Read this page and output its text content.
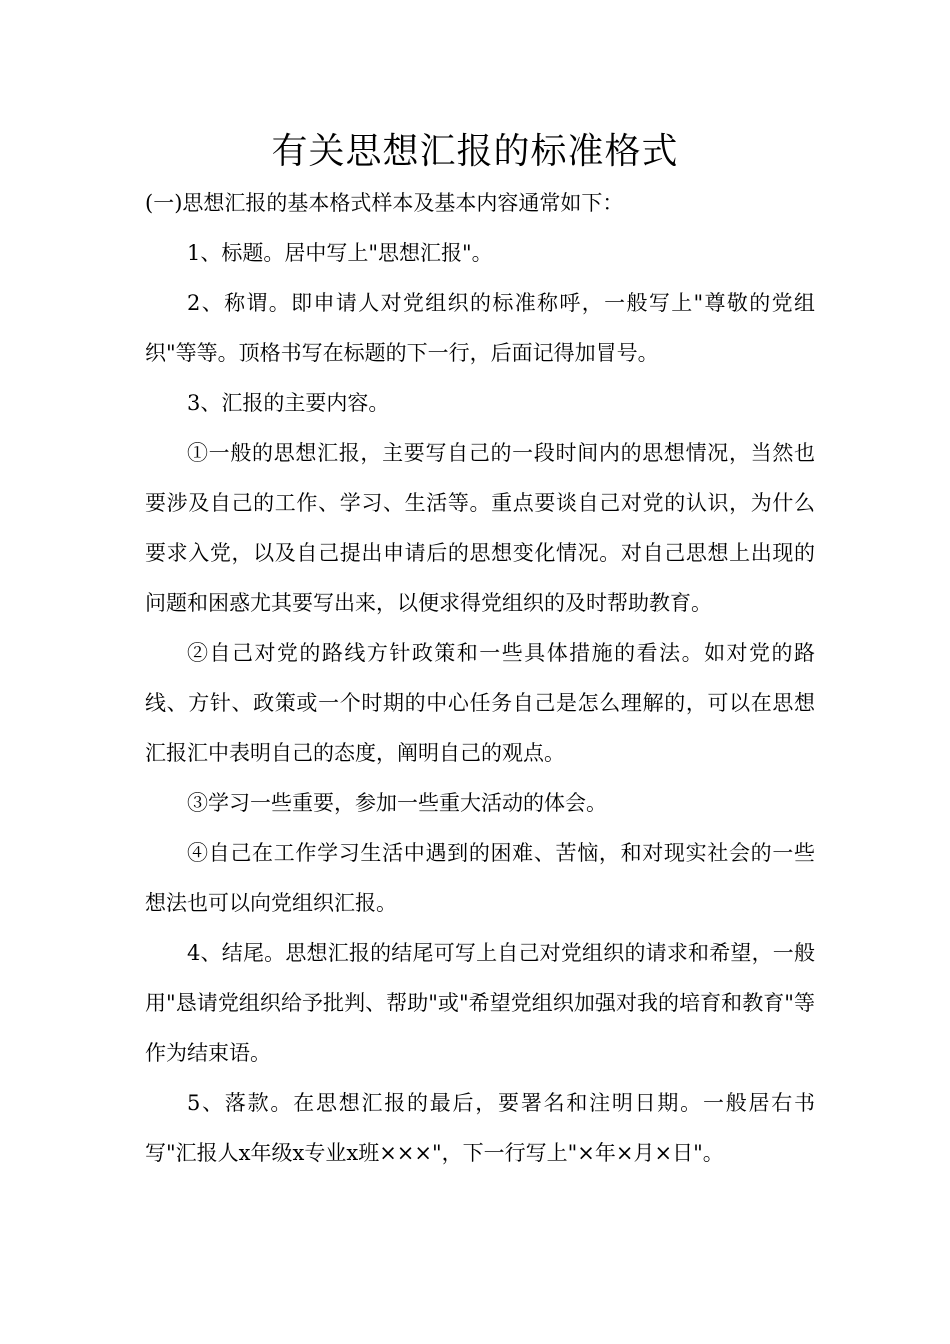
有关思想汇报的标准格式

(一)思想汇报的基本格式样本及基本内容通常如下：

1、标题。居中写上"思想汇报"。

2、称谓。即申请人对党组织的标准称呼，一般写上"尊敬的党组织"等等。顶格书写在标题的下一行，后面记得加冒号。

3、汇报的主要内容。

①一般的思想汇报，主要写自己的一段时间内的思想情况，当然也要涉及自己的工作、学习、生活等。重点要谈自己对党的认识，为什么要求入党，以及自己提出申请后的思想变化情况。对自己思想上出现的问题和困惑尤其要写出来，以便求得党组织的及时帮助教育。

②自己对党的路线方针政策和一些具体措施的看法。如对党的路线、方针、政策或一个时期的中心任务自己是怎么理解的，可以在思想汇报汇中表明自己的态度，阐明自己的观点。

③学习一些重要，参加一些重大活动的体会。

④自己在工作学习生活中遇到的困难、苦恼，和对现实社会的一些想法也可以向党组织汇报。

4、结尾。思想汇报的结尾可写上自己对党组织的请求和希望，一般用"恳请党组织给予批判、帮助"或"希望党组织加强对我的培育和教育"等作为结束语。

5、落款。在思想汇报的最后，要署名和注明日期。一般居右书写"汇报人x年级x专业x班×××"，下一行写上"×年×月×日"。
